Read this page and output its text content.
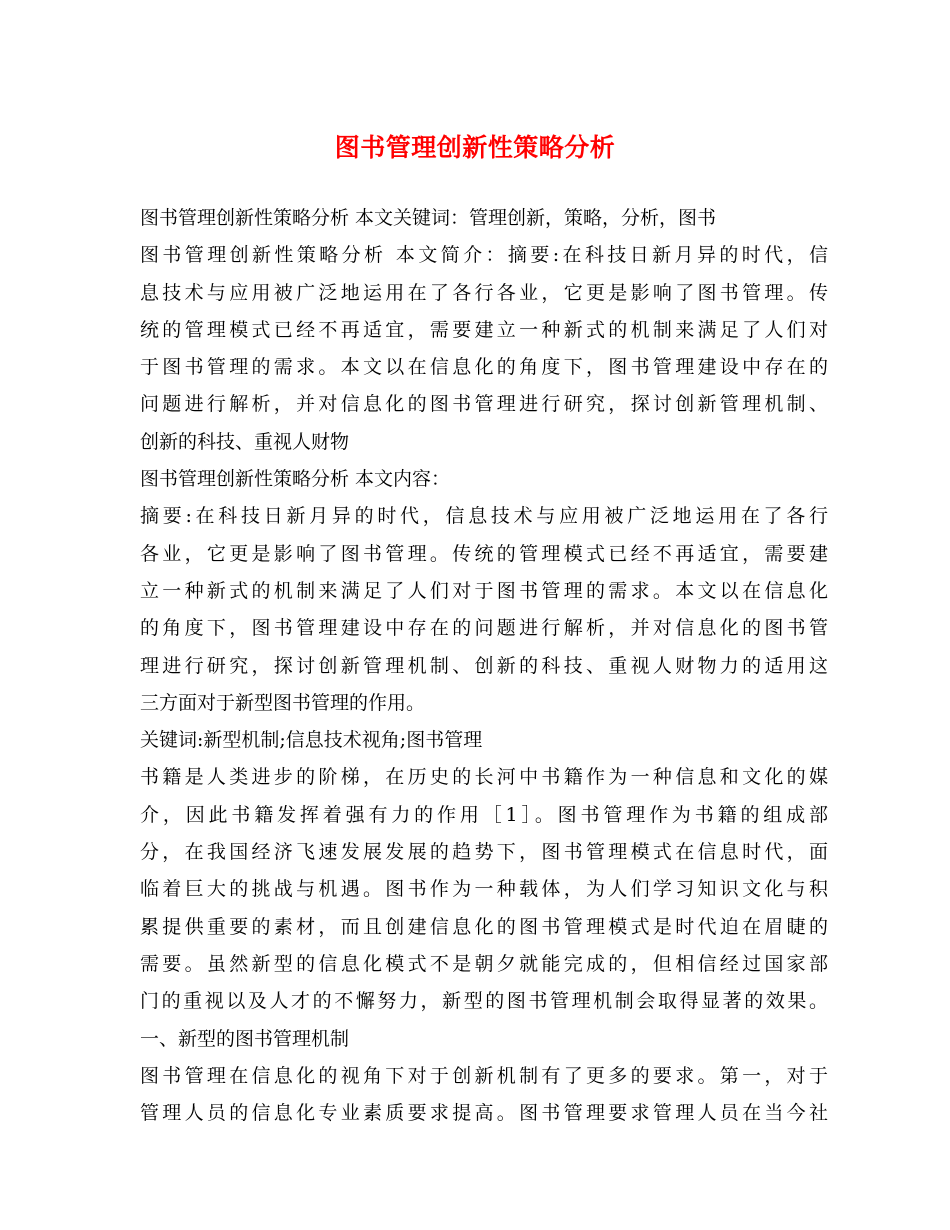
图书管理创新性策略分析
图书管理创新性策略分析 本文关键词：管理创新，策略，分析，图书
图书管理创新性策略分析 本文简介：摘要:在科技日新月异的时代，信
息技术与应用被广泛地运用在了各行各业，它更是影响了图书管理。传
统的管理模式已经不再适宜，需要建立一种新式的机制来满足了人们对
于图书管理的需求。本文以在信息化的角度下，图书管理建设中存在的
问题进行解析，并对信息化的图书管理进行研究，探讨创新管理机制、
创新的科技、重视人财物
图书管理创新性策略分析 本文内容：
摘要:在科技日新月异的时代，信息技术与应用被广泛地运用在了各行
各业，它更是影响了图书管理。传统的管理模式已经不再适宜，需要建
立一种新式的机制来满足了人们对于图书管理的需求。本文以在信息化
的角度下，图书管理建设中存在的问题进行解析，并对信息化的图书管
理进行研究，探讨创新管理机制、创新的科技、重视人财物力的适用这
三方面对于新型图书管理的作用。
关键词:新型机制;信息技术视角;图书管理
书籍是人类进步的阶梯，在历史的长河中书籍作为一种信息和文化的媒
介，因此书籍发挥着强有力的作用［1］。图书管理作为书籍的组成部
分，在我国经济飞速发展发展的趋势下，图书管理模式在信息时代，面
临着巨大的挑战与机遇。图书作为一种载体，为人们学习知识文化与积
累提供重要的素材，而且创建信息化的图书管理模式是时代迫在眉睫的
需要。虽然新型的信息化模式不是朝夕就能完成的，但相信经过国家部
门的重视以及人才的不懈努力，新型的图书管理机制会取得显著的效果。
一、新型的图书管理机制
图书管理在信息化的视角下对于创新机制有了更多的要求。第一，对于
管理人员的信息化专业素质要求提高。图书管理要求管理人员在当今社
